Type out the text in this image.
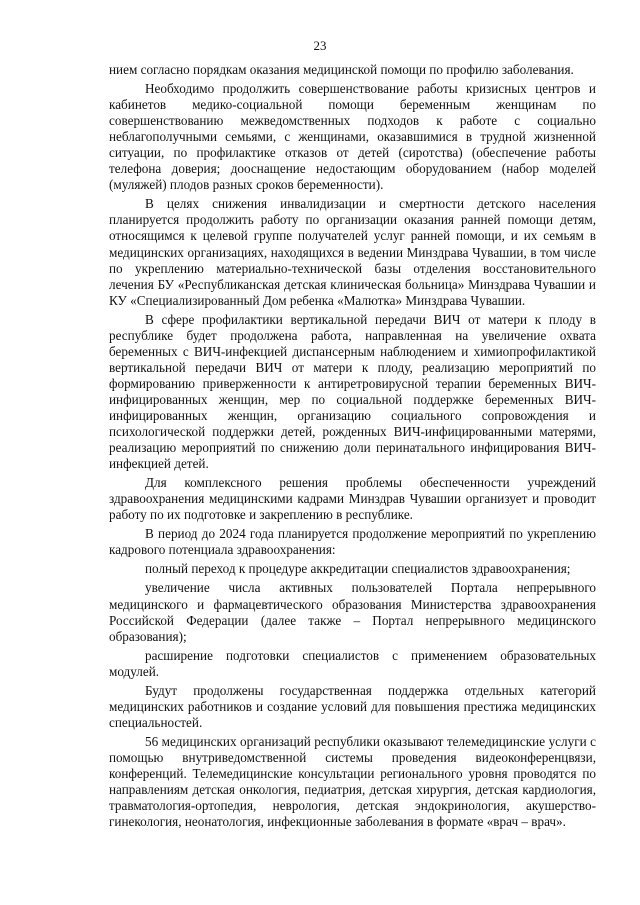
23

нием согласно порядкам оказания медицинской помощи по профилю заболевания.

Необходимо продолжить совершенствование работы кризисных центров и кабинетов медико-социальной помощи беременным женщинам по совершенствованию межведомственных подходов к работе с социально неблагополучными семьями, с женщинами, оказавшимися в трудной жизненной ситуации, по профилактике отказов от детей (сиротства) (обеспечение работы телефона доверия; дооснащение недостающим оборудованием (набор моделей (муляжей) плодов разных сроков беременности).

В целях снижения инвалидизации и смертности детского населения планируется продолжить работу по организации оказания ранней помощи детям, относящимся к целевой группе получателей услуг ранней помощи, и их семьям в медицинских организациях, находящихся в ведении Минздрава Чувашии, в том числе по укреплению материально-технической базы отделения восстановительного лечения БУ «Республиканская детская клиническая больница» Минздрава Чувашии и КУ «Специализированный Дом ребенка «Малютка» Минздрава Чувашии.

В сфере профилактики вертикальной передачи ВИЧ от матери к плоду в республике будет продолжена работа, направленная на увеличение охвата беременных с ВИЧ-инфекцией диспансерным наблюдением и химиопрофилактикой вертикальной передачи ВИЧ от матери к плоду, реализацию мероприятий по формированию приверженности к антиретровирусной терапии беременных ВИЧ-инфицированных женщин, мер по социальной поддержке беременных ВИЧ-инфицированных женщин, организацию социального сопровождения и психологической поддержки детей, рожденных ВИЧ-инфицированными матерями, реализацию мероприятий по снижению доли перинатального инфицирования ВИЧ-инфекцией детей.

Для комплексного решения проблемы обеспеченности учреждений здравоохранения медицинскими кадрами Минздрав Чувашии организует и проводит работу по их подготовке и закреплению в республике.

В период до 2024 года планируется продолжение мероприятий по укреплению кадрового потенциала здравоохранения:

полный переход к процедуре аккредитации специалистов здравоохранения;

увеличение числа активных пользователей Портала непрерывного медицинского и фармацевтического образования Министерства здравоохранения Российской Федерации (далее также – Портал непрерывного медицинского образования);

расширение подготовки специалистов с применением образовательных модулей.

Будут продолжены государственная поддержка отдельных категорий медицинских работников и создание условий для повышения престижа медицинских специальностей.

56 медицинских организаций республики оказывают телемедицинские услуги с помощью внутриведомственной системы проведения видеоконференцвязи, конференций. Телемедицинские консультации регионального уровня проводятся по направлениям детская онкология, педиатрия, детская хирургия, детская кардиология, травматология-ортопедия, неврология, детская эндокринология, акушерство-гинекология, неонатология, инфекционные заболевания в формате «врач – врач».
